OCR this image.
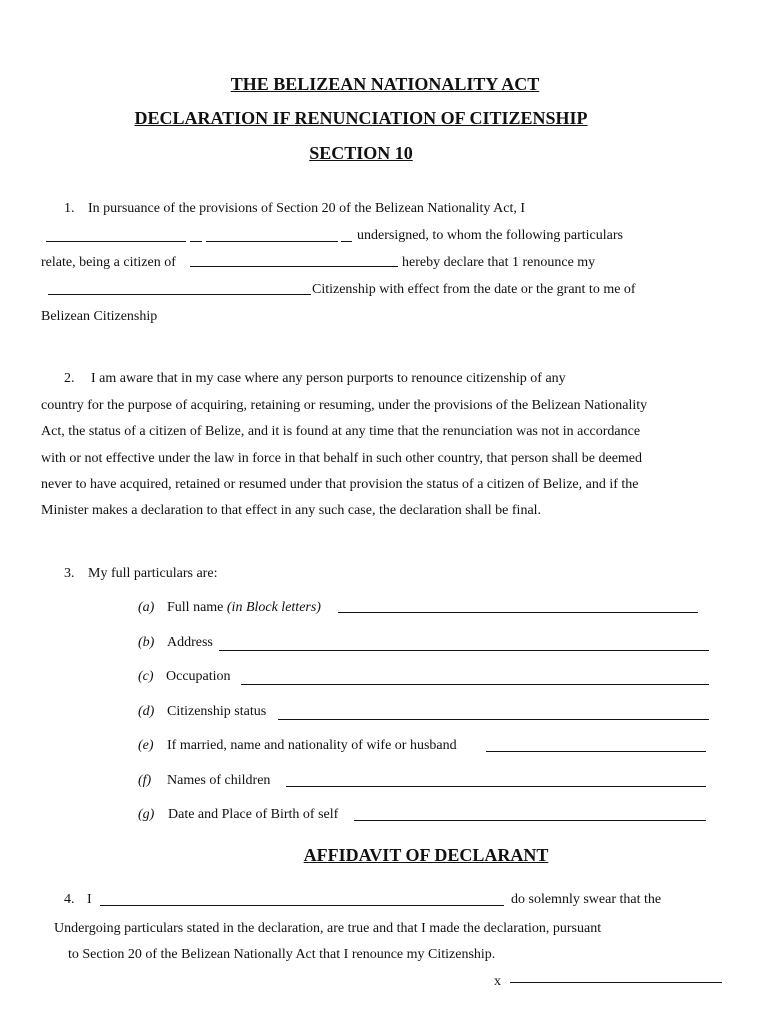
THE BELIZEAN NATIONALITY ACT
DECLARATION IF RENUNCIATION OF CITIZENSHIP
SECTION 10
1. In pursuance of the provisions of Section 20 of the Belizean Nationality Act, I
undersigned, to whom the following particulars
relate, being a citizen of	hereby declare that 1 renounce my
Citizenship with effect from the date or the grant to me of
Belizean Citizenship
2. I am aware that in my case where any person purports to renounce citizenship of any
country for the purpose of acquiring, retaining or resuming, under the provisions of the Belizean Nationality
Act, the status of a citizen of Belize, and it is found at any time that the renunciation was not in accordance
with or not effective under the law in force in that behalf in such other country, that person shall be deemed
never to have acquired, retained or resumed under that provision the status of a citizen of Belize, and if the
Minister makes a declaration to that effect in any such case, the declaration shall be final.
3. My full particulars are:
(a) Full name (in Block letters)
(b) Address
(c) Occupation
(d) Citizenship status
(e) If married, name and nationality of wife or husband
(f) Names of children
(g) Date and Place of Birth of self
AFFIDAVIT OF DECLARANT
4. I	do solemnly swear that the
Undergoing particulars stated in the declaration, are true and that I made the declaration, pursuant
to Section 20 of the Belizean Nationally Act that I renounce my Citizenship.
x
